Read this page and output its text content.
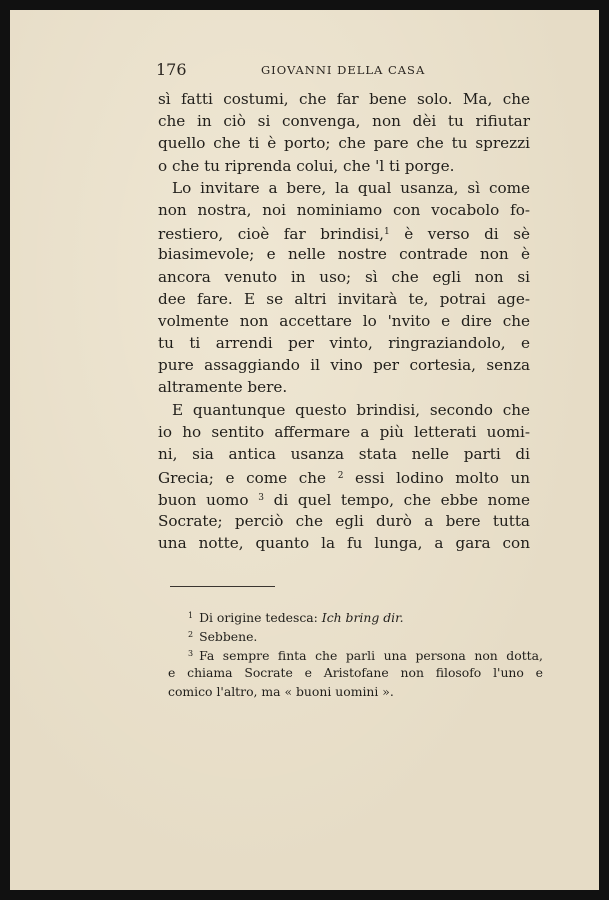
176	GIOVANNI DELLA CASA
sì fatti costumi, che far bene solo. Ma, che
che in ciò si convenga, non dèi tu rifiutar
quello che ti è porto; che pare che tu sprezzi
o che tu riprenda colui, che 'l ti porge.
Lo invitare a bere, la qual usanza, sì come
non nostra, noi nominiamo con vocabolo fo-
restiero, cioè far brindisi,$^1$ è verso di sè
biasimevole; e nelle nostre contrade non è
ancora venuto in uso; sì che egli non si
dee fare. E se altri invitarà te, potrai age-
volmente non accettare lo 'nvito e dire che
tu ti arrendi per vinto, ringraziandolo, e
pure assaggiando il vino per cortesia, senza
altramente bere.
E quantunque questo brindisi, secondo che
io ho sentito affermare a più letterati uomi-
ni, sia antica usanza stata nelle parti di
Grecia; e come che $^2$ essi lodino molto un
buon uomo $^3$ di quel tempo, che ebbe nome
Socrate; perciò che egli durò a bere tutta
una notte, quanto la fu lunga, a gara con
$^1$ Di origine tedesca: Ich bring dir.
$^2$ Sebbene.
$^3$ Fa sempre finta che parli una persona non dotta,
e chiama Socrate e Aristofane non filosofo l'uno e
comico l'altro, ma « buoni uomini ».
